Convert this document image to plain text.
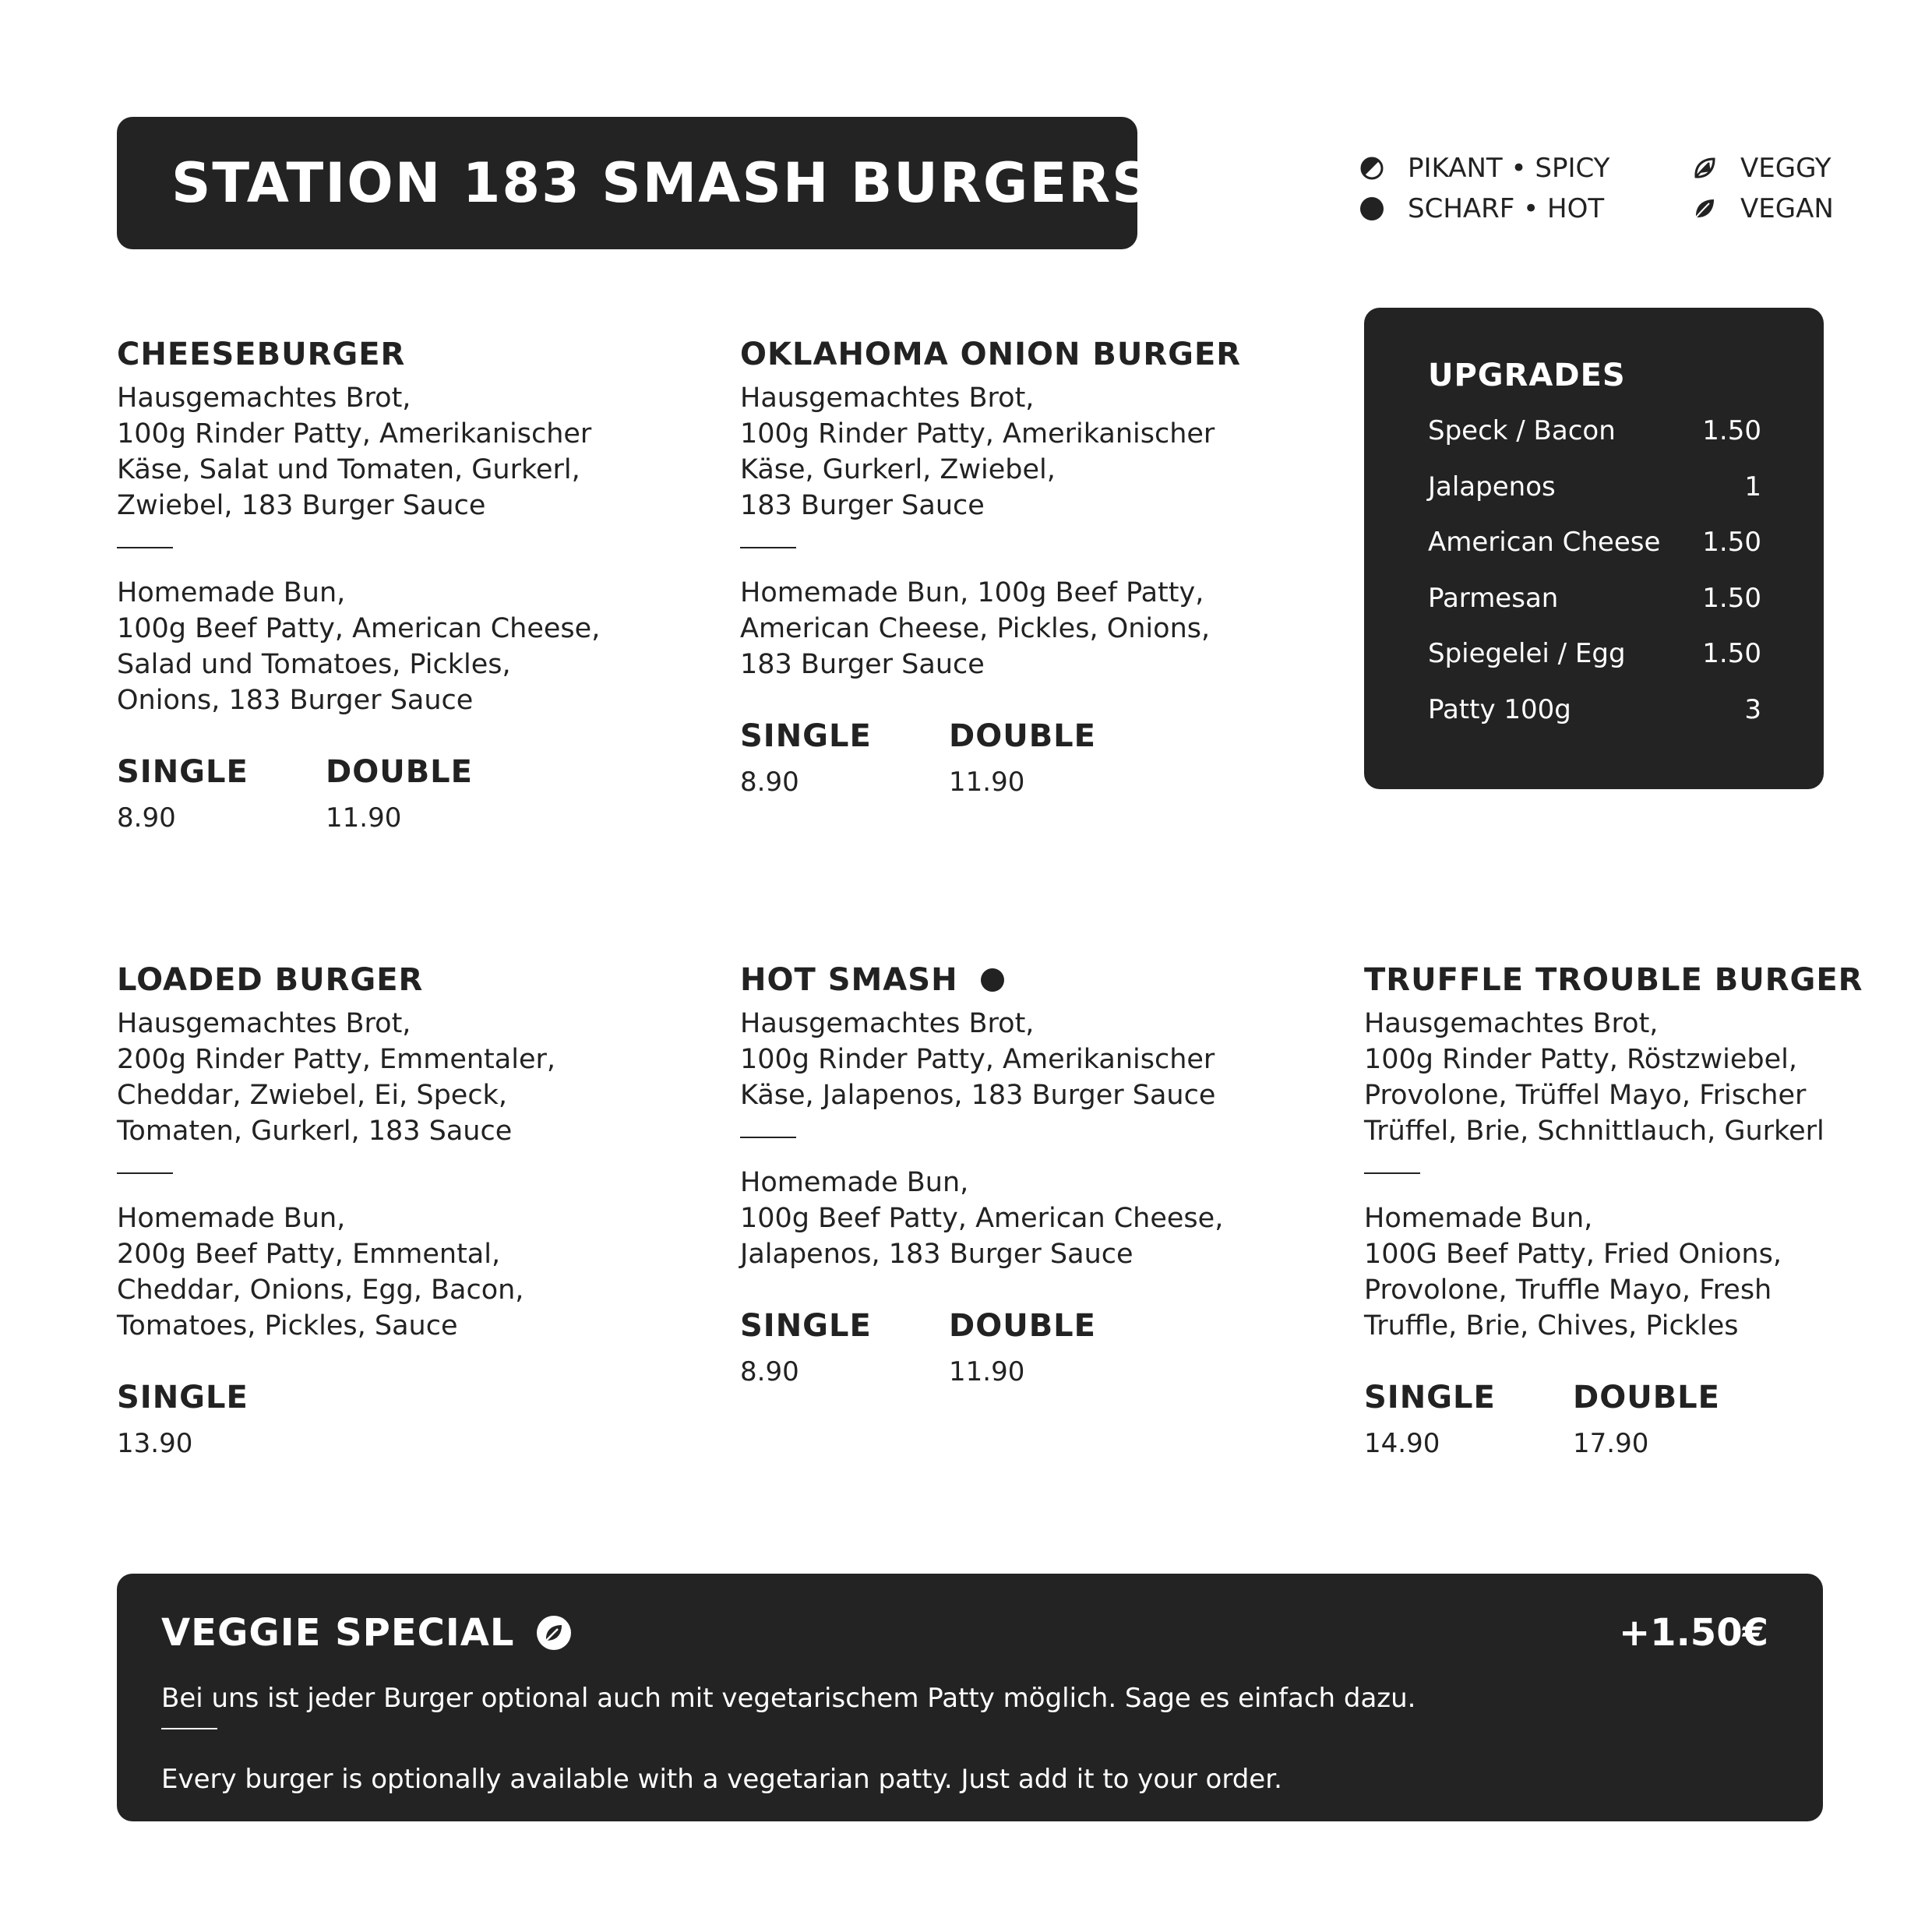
STATION 183 SMASH BURGERS	PIKANT • SPICY
SCHARF • HOT
VEGGY
VEGAN
CHEESEBURGER

Hausgemachtes Brot,

100g Rinder Patty, Amerikanischer

Käse, Salat und Tomaten, Gurkerl,

Zwiebel, 183 Burger Sauce

Homemade Bun,

100g Beef Patty, American Cheese,

Salad und Tomatoes, Pickles,

Onions, 183 Burger Sauce

SINGLE
8.90
DOUBLE
11.90
OKLAHOMA ONION BURGER

Hausgemachtes Brot,

100g Rinder Patty, Amerikanischer

Käse, Gurkerl, Zwiebel,

183 Burger Sauce

Homemade Bun, 100g Beef Patty,

American Cheese, Pickles, Onions,

183 Burger Sauce

SINGLE
8.90
DOUBLE
11.90
UPGRADES
Speck / Bacon	1.50
Jalapenos	1
American Cheese 1.50
Parmesan	1.50
Spiegelei / Egg	1.50
Patty 100g	3
LOADED BURGER

Hausgemachtes Brot,

200g Rinder Patty, Emmentaler,

Cheddar, Zwiebel, Ei, Speck,

Tomaten, Gurkerl, 183 Sauce

Homemade Bun,

200g Beef Patty, Emmental,

Cheddar, Onions, Egg, Bacon,

Tomatoes, Pickles, Sauce

SINGLE
13.90
HOT SMASH

Hausgemachtes Brot,

100g Rinder Patty, Amerikanischer

Käse, Jalapenos, 183 Burger Sauce

Homemade Bun,

100g Beef Patty, American Cheese,

Jalapenos, 183 Burger Sauce

SINGLE
8.90
DOUBLE
11.90
TRUFFLE TROUBLE BURGER

Hausgemachtes Brot,

100g Rinder Patty, Röstzwiebel,

Provolone, Trüffel Mayo, Frischer

Trüffel, Brie, Schnittlauch, Gurkerl

Homemade Bun,

100G Beef Patty, Fried Onions,

Provolone, Truffle Mayo, Fresh

Truffle, Brie, Chives, Pickles

SINGLE
14.90
DOUBLE
17.90
VEGGIE SPECIAL	+1.50€
Bei uns ist jeder Burger optional auch mit vegetarischem Patty möglich. Sage es einfach dazu.
Every burger is optionally available with a vegetarian patty. Just add it to your order.
